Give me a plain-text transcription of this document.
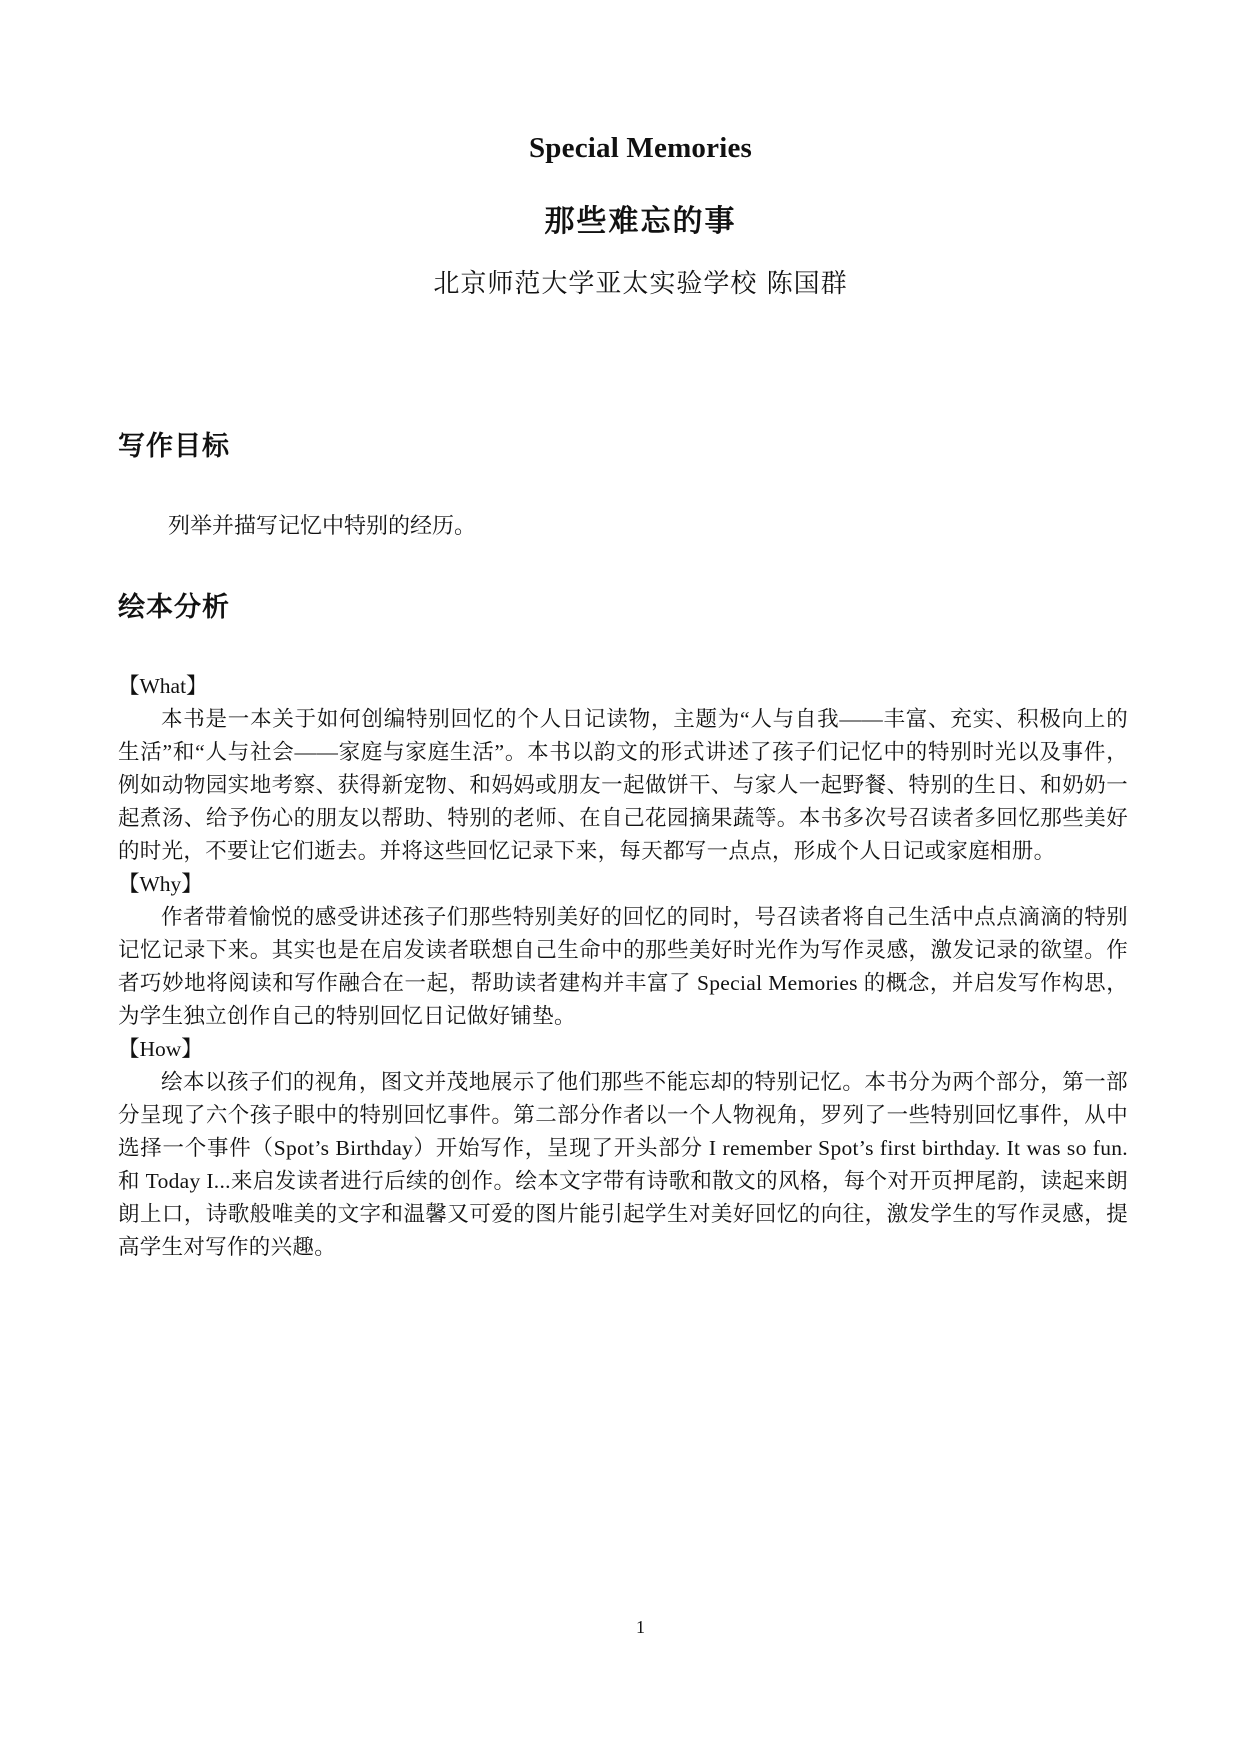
Special Memories
那些难忘的事
北京师范大学亚太实验学校 陈国群
写作目标
列举并描写记忆中特别的经历。
绘本分析
【What】
本书是一本关于如何创编特别回忆的个人日记读物，主题为“人与自我——丰富、充实、积极向上的生活”和“人与社会——家庭与家庭生活”。本书以韵文的形式讲述了孩子们记忆中的特别时光以及事件，例如动物园实地考察、获得新宠物、和妈妈或朋友一起做饼干、与家人一起野餐、特别的生日、和奶奶一起煮汤、给予伤心的朋友以帮助、特别的老师、在自己花园摘果蔬等。本书多次号召读者多回忆那些美好的时光，不要让它们逝去。并将这些回忆记录下来，每天都写一点点，形成个人日记或家庭相册。
【Why】
作者带着愉悦的感受讲述孩子们那些特别美好的回忆的同时，号召读者将自己生活中点点滴滴的特别记忆记录下来。其实也是在启发读者联想自己生命中的那些美好时光作为写作灵感，激发记录的欲望。作者巧妙地将阅读和写作融合在一起，帮助读者建构并丰富了 Special Memories 的概念，并启发写作构思，为学生独立创作自己的特别回忆日记做好铺垫。
【How】
绘本以孩子们的视角，图文并茂地展示了他们那些不能忘却的特别记忆。本书分为两个部分，第一部分呈现了六个孩子眼中的特别回忆事件。第二部分作者以一个人物视角，罗列了一些特别回忆事件，从中选择一个事件（Spot’s Birthday）开始写作，呈现了开头部分 I remember Spot’s first birthday. It was so fun. 和 Today I...来启发读者进行后续的创作。绘本文字带有诗歌和散文的风格，每个对开页押尾韵，读起来朗朗上口，诗歌般唯美的文字和温馨又可爱的图片能引起学生对美好回忆的向往，激发学生的写作灵感，提高学生对写作的兴趣。
1
